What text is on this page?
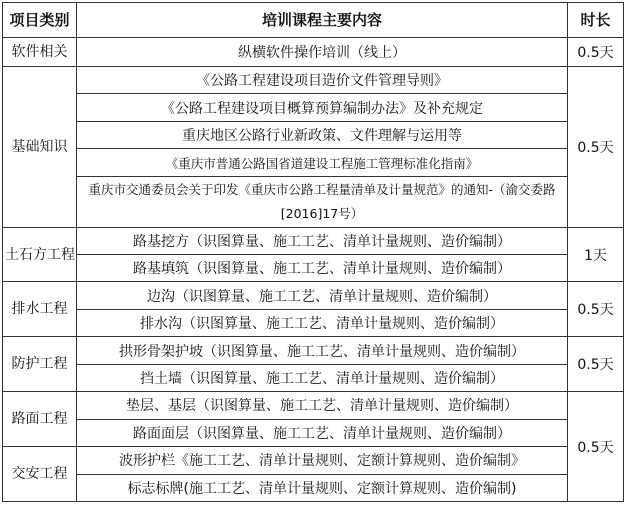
项目类别	培训课程主要内容	时长
软件相关	纵横软件操作培训（线上）	0.5天
基础知识	《公路工程建设项目造价文件管理导则》	0.5天
	《公路工程建设项目概算预算编制办法》及补充规定	
	重庆地区公路行业新政策、文件理解与运用等	
	《重庆市普通公路国省道建设工程施工管理标准化指南》	
	重庆市交通委员会关于印发《重庆市公路工程量清单及计量规范》的通知-（渝交委路[2016]17号）	
土石方工程	路基挖方（识图算量、施工工艺、清单计量规则、造价编制）	1天
	路基填筑（识图算量、施工工艺、清单计量规则、造价编制）	
排水工程	边沟（识图算量、施工工艺、清单计量规则、造价编制）	0.5天
	排水沟（识图算量、施工工艺、清单计量规则、造价编制）	
防护工程	拱形骨架护坡（识图算量、施工工艺、清单计量规则、造价编制）	0.5天
	挡土墙（识图算量、施工工艺、清单计量规则、造价编制）	
路面工程	垫层、基层（识图算量、施工工艺、清单计量规则、造价编制）	0.5天
	路面面层（识图算量、施工工艺、清单计量规则、造价编制）	
交安工程	波形护栏《施工工艺、清单计量规则、定额计算规则、造价编制》	
	标志标牌(施工工艺、清单计量规则、定额计算规则、造价编制)	
